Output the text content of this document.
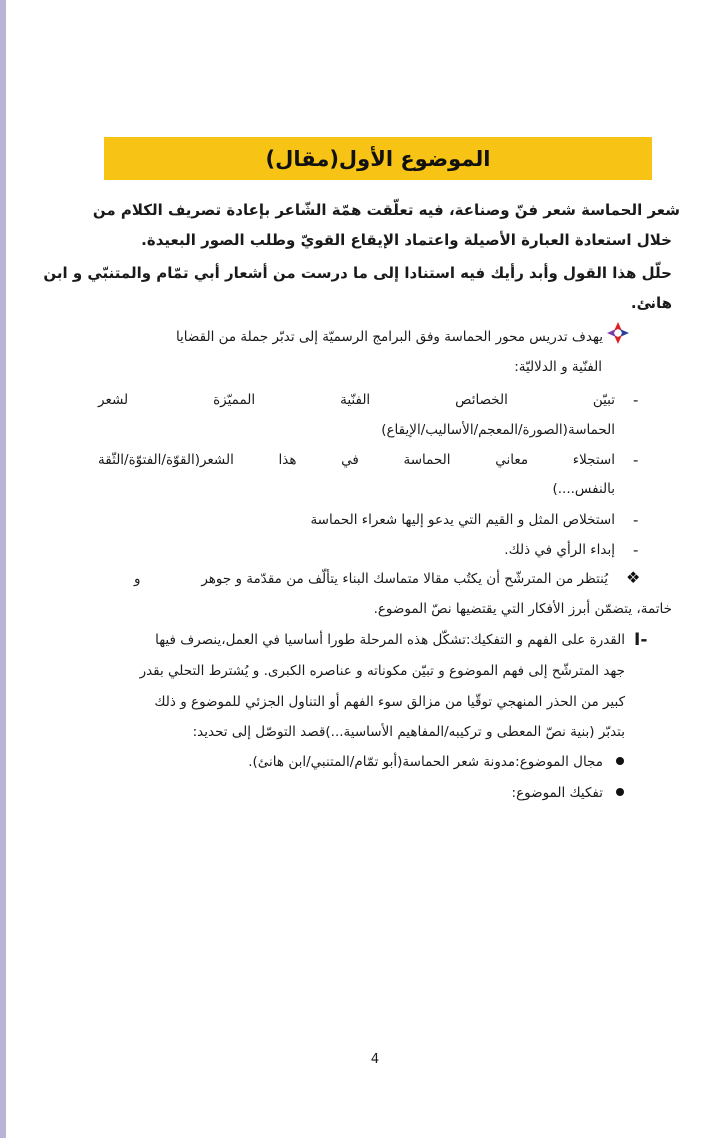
الموضوع الأول(مقال)
شعر الحماسة شعر فنّ وصناعة، فيه تعلّقت همّة الشّاعر بإعادة تصريف الكلام من
خلال استعادة العبارة الأصيلة واعتماد الإيقاع القويّ وطلب الصور البعيدة.
حلّل هذا القول وأبد رأيك فيه استنادا إلى ما درست من أشعار أبي تمّام والمتنبّي و ابن
هانئ.
يهدف تدريس محور الحماسة وفق البرامج الرسميّة إلى تدبّر جملة من القضايا
الفنّية و الدلاليّة:
-
تبيّن
الخصائص
الفنّية
المميّزة
لشعر
الحماسة(الصورة/المعجم/الأساليب/الإيقاع)
-
استجلاء
معاني
الحماسة
في
هذا
الشعر(القوّة/الفتوّة/الثّقة
بالنفس....)
-
استخلاص المثل و القيم التي يدعو إليها شعراء الحماسة
-
إبداء الرأي في ذلك.
❖
يُنتظر من المترشّح أن يكتُب مقالا متماسك البناء يتألّف من مقدّمة و جوهر
و
خاتمة، يتضمّن أبرز الأفكار التي يقتضيها نصّ الموضوع.
I-
القدرة على الفهم و التفكيك:تشكّل هذه المرحلة طورا أساسيا في العمل،ينصرف فيها
جهد المترشّح إلى فهم الموضوع و تبيّن مكوناته و عناصره الكبرى. و يُشترط التحلي بقدر
كبير من الحذر المنهجي توقّيا من مزالق سوء الفهم أو التناول الجزئي للموضوع و ذلك
بتدبّر (بنية نصّ المعطى و تركيبه/المفاهيم الأساسية...)قصد التوصّل إلى تحديد:
مجال الموضوع:مدونة شعر الحماسة(أبو تمّام/المتنبي/ابن هانئ).
تفكيك الموضوع:
4
